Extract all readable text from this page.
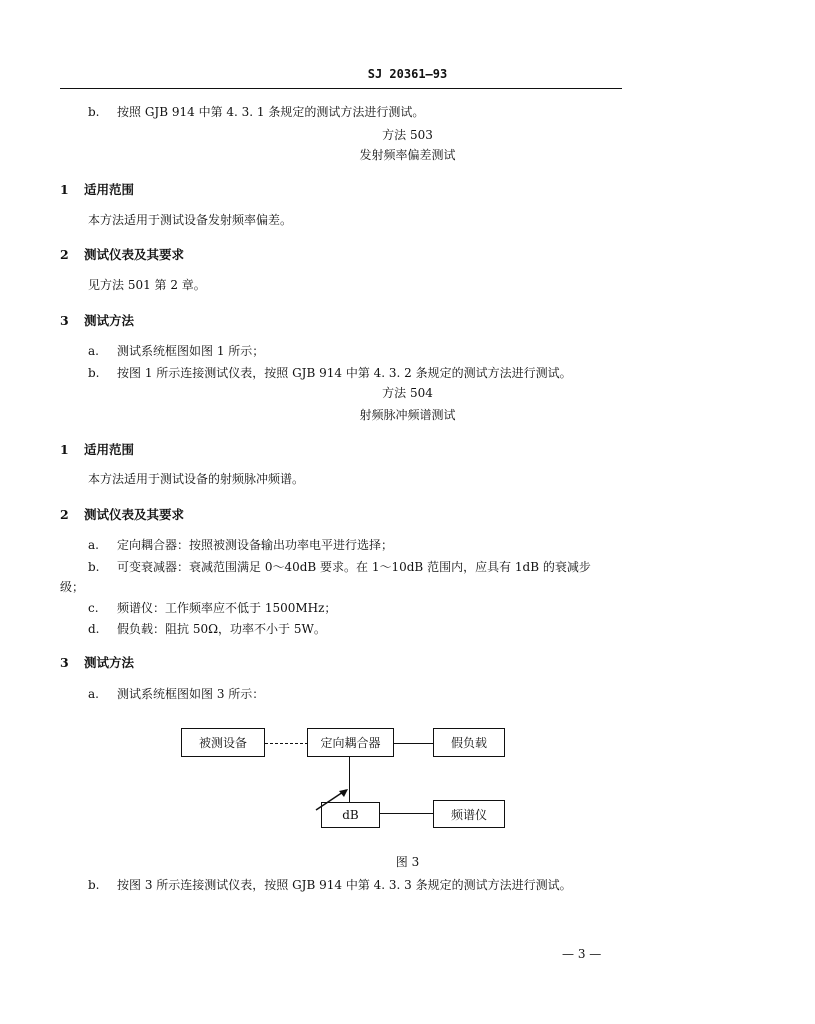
SJ 20361—93
b. 按照 GJB 914 中第 4. 3. 1 条规定的测试方法进行测试。
方法 503
发射频率偏差测试
1 适用范围
本方法适用于测试设备发射频率偏差。
2 测试仪表及其要求
见方法 501 第 2 章。
3 测试方法
a. 测试系统框图如图 1 所示；
b. 按图 1 所示连接测试仪表，按照 GJB 914 中第 4. 3. 2 条规定的测试方法进行测试。
方法 504
射频脉冲频谱测试
1 适用范围
本方法适用于测试设备的射频脉冲频谱。
2 测试仪表及其要求
a. 定向耦合器：按照被测设备输出功率电平进行选择；
b. 可变衰减器：衰减范围满足 0～40dB 要求。在 1～10dB 范围内，应具有 1dB 的衰减步
级；
c. 频谱仪：工作频率应不低于 1500MHz；
d. 假负载：阻抗 50Ω，功率不小于 5W。
3 测试方法
a. 测试系统框图如图 3 所示：
被测设备	定向耦合器	假负载
dB	频谱仪
图 3
b. 按图 3 所示连接测试仪表，按照 GJB 914 中第 4. 3. 3 条规定的测试方法进行测试。
— 3 —
